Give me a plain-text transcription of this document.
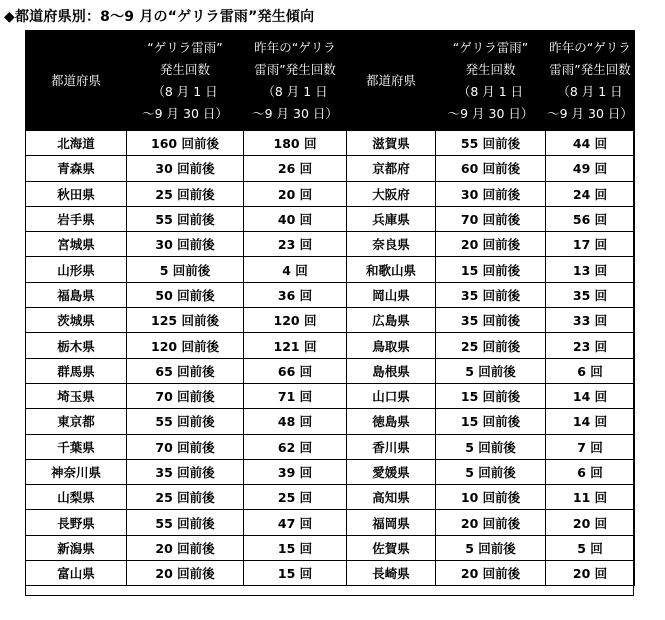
◆都道府県別：8～9 月の“ゲリラ雷雨”発生傾向
都道府県	“ゲリラ雷雨”
発生回数
（8 月 1 日
～9 月 30 日）	昨年の“ゲリラ
雷雨”発生回数
（8 月 1 日
～9 月 30 日）	都道府県	“ゲリラ雷雨”
発生回数
（8 月 1 日
～9 月 30 日）	昨年の“ゲリラ
雷雨”発生回数
（8 月 1 日
～9 月 30 日）

北海道	160 回前後	180 回	滋賀県	55 回前後	44 回
青森県	30 回前後	26 回	京都府	60 回前後	49 回
秋田県	25 回前後	20 回	大阪府	30 回前後	24 回
岩手県	55 回前後	40 回	兵庫県	70 回前後	56 回
宮城県	30 回前後	23 回	奈良県	20 回前後	17 回
山形県	5 回前後	4 回	和歌山県	15 回前後	13 回
福島県	50 回前後	36 回	岡山県	35 回前後	35 回
茨城県	125 回前後	120 回	広島県	35 回前後	33 回
栃木県	120 回前後	121 回	鳥取県	25 回前後	23 回
群馬県	65 回前後	66 回	島根県	5 回前後	6 回
埼玉県	70 回前後	71 回	山口県	15 回前後	14 回
東京都	55 回前後	48 回	徳島県	15 回前後	14 回
千葉県	70 回前後	62 回	香川県	5 回前後	7 回
神奈川県	35 回前後	39 回	愛媛県	5 回前後	6 回
山梨県	25 回前後	25 回	高知県	10 回前後	11 回
長野県	55 回前後	47 回	福岡県	20 回前後	20 回
新潟県	20 回前後	15 回	佐賀県	5 回前後	5 回
富山県	20 回前後	15 回	長崎県	20 回前後	20 回
